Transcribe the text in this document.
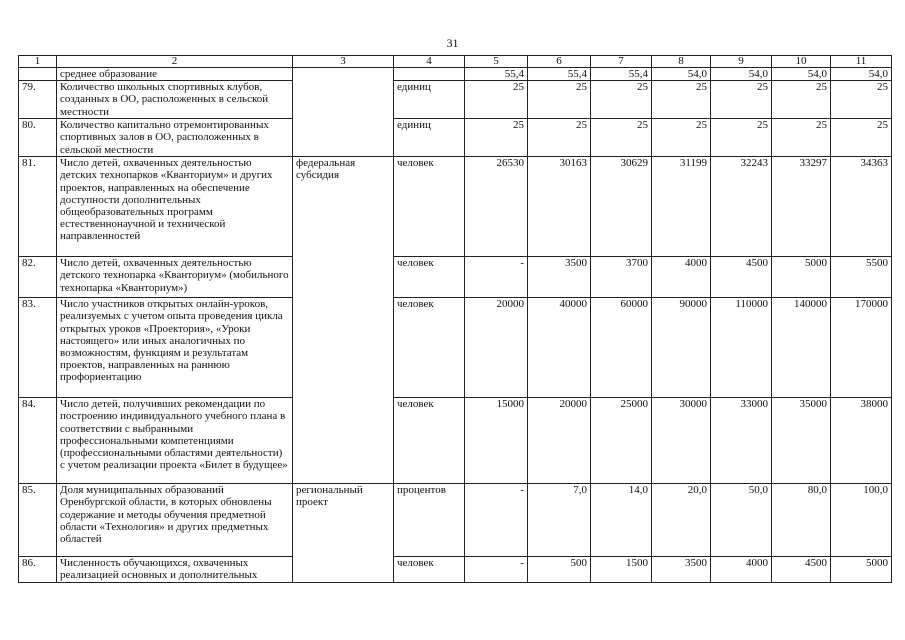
31
1	2	3	4	5	6	7	8	9	10	11
	среднее образование			55,4	55,4	55,4	54,0	54,0	54,0	54,0
79.	Количество школьных спортивных клубов, созданных в ОО, расположенных в сельской местности		единиц	25	25	25	25	25	25	25
80.	Количество капитально отремонтированных спортивных залов в ОО, расположенных в сельской местности		единиц	25	25	25	25	25	25	25
81.	Число детей, охваченных деятельностью детских технопарков «Кванториум» и других проектов, направленных на обеспечение доступности дополнительных общеобразовательных программ естественнонаучной и технической направленностей	федеральная субсидия	человек	26530	30163	30629	31199	32243	33297	34363
82.	Число детей, охваченных деятельностью детского технопарка «Кванториум» (мобильного технопарка «Кванториум»)		человек	-	3500	3700	4000	4500	5000	5500
83.	Число участников открытых онлайн-уроков, реализуемых с учетом опыта проведения цикла открытых уроков «Проектория», «Уроки настоящего» или иных аналогичных по возможностям, функциям и результатам проектов, направленных на раннюю профориентацию		человек	20000	40000	60000	90000	110000	140000	170000
84.	Число детей, получивших рекомендации по построению индивидуального учебного плана в соответствии с выбранными профессиональными компетенциями (профессиональными областями деятельности) с учетом реализации проекта «Билет в будущее»		человек	15000	20000	25000	30000	33000	35000	38000
85.	Доля муниципальных образований Оренбургской области, в которых обновлены содержание и методы обучения предметной области «Технология» и других предметных областей	региональный проект	процентов	-	7,0	14,0	20,0	50,0	80,0	100,0
86.	Численность обучающихся, охваченных реализацией основных и дополнительных		человек	-	500	1500	3500	4000	4500	5000
